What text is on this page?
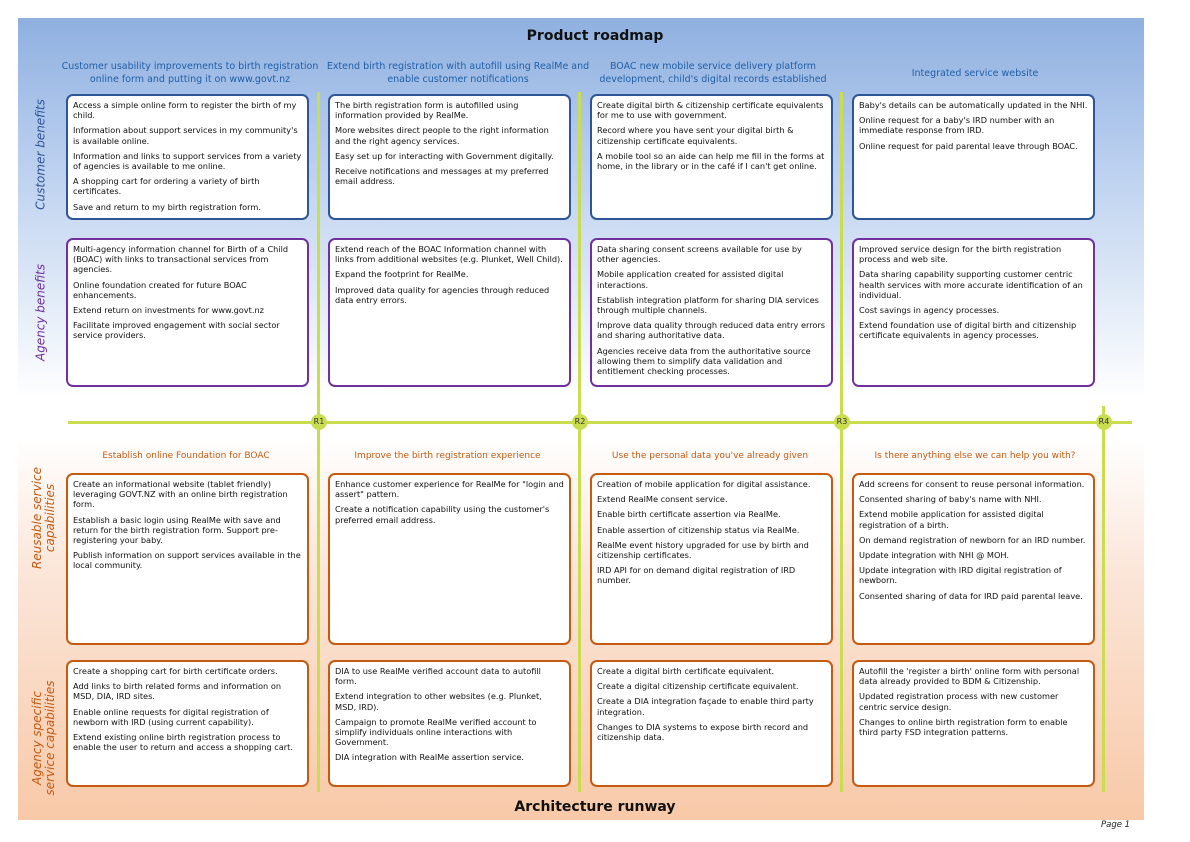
Product roadmap
Customer usability improvements to birth registration online form and putting it on www.govt.nz
Extend birth registration with autofill using RealMe and enable customer notifications
BOAC new mobile service delivery platform development, child's digital records established
Integrated service website
Customer benefits
Agency benefits
Reusable service
capabilities
Agency specific
service capabilities

Access a simple online form to register the birth of my child.

Information about support services in my community's is available online.

Information and links to support services from a variety of agencies is available to me online.

A shopping cart for ordering a variety of birth certificates.

Save and return to my birth registration form.

The birth registration form is autofilled using information provided by RealMe.

More websites direct people to the right information and the right agency services.

Easy set up for interacting with Government digitally.

Receive notifications and messages at my preferred email address.

Create digital birth & citizenship certificate equivalents for me to use with government.

Record where you have sent your digital birth & citizenship certificate equivalents.

A mobile tool so an aide can help me fill in the forms at home, in the library or in the café if I can't get online.

Baby's details can be automatically updated in the NHI.

Online request for a baby's IRD number with an immediate response from IRD.

Online request for paid parental leave through BOAC.

Multi-agency information channel for Birth of a Child (BOAC) with links to transactional services from agencies.

Online foundation created for future BOAC enhancements.

Extend return on investments for www.govt.nz

Facilitate improved engagement with social sector service providers.

Extend reach of the BOAC Information channel with links from additional websites (e.g. Plunket, Well Child).

Expand the footprint for RealMe.

Improved data quality for agencies through reduced data entry errors.

Data sharing consent screens available for use by other agencies.

Mobile application created for assisted digital interactions.

Establish integration platform for sharing DIA services through multiple channels.

Improve data quality through reduced data entry errors and sharing authoritative data.

Agencies receive data from the authoritative source allowing them to simplify data validation and entitlement checking processes.

Improved service design for the birth registration process and web site.

Data sharing capability supporting customer centric health services with more accurate identification of an individual.

Cost savings in agency processes.

Extend foundation use of digital birth and citizenship certificate equivalents in agency processes.

Create an informational website (tablet friendly) leveraging GOVT.NZ with an online birth registration form.

Establish a basic login using RealMe with save and return for the birth registration form. Support pre-registering your baby.

Publish information on support services available in the local community.

Enhance customer experience for RealMe for "login and assert" pattern.

Create a notification capability using the customer's preferred email address.

Creation of mobile application for digital assistance.

Extend RealMe consent service.

Enable birth certificate assertion via RealMe.

Enable assertion of citizenship status via RealMe.

RealMe event history upgraded for use by birth and citizenship certificates.

IRD API for on demand digital registration of IRD number.

Add screens for consent to reuse personal information.

Consented sharing of baby's name with NHI.

Extend mobile application for assisted digital registration of a birth.

On demand registration of newborn for an IRD number.

Update integration with NHI @ MOH.

Update integration with IRD digital registration of newborn.

Consented sharing of data for IRD paid parental leave.

Create a shopping cart for birth certificate orders.

Add links to birth related forms and information on MSD, DIA, IRD sites.

Enable online requests for digital registration of newborn with IRD (using current capability).

Extend existing online birth registration process to enable the user to return and access a shopping cart.

DIA to use RealMe verified account data to autofill form.

Extend integration to other websites (e.g. Plunket, MSD, IRD).

Campaign to promote RealMe verified account to simplify individuals online interactions with Government.

DIA integration with RealMe assertion service.

Create a digital birth certificate equivalent.

Create a digital citizenship certificate equivalent.

Create a DIA integration façade to enable third party integration.

Changes to DIA systems to expose birth record and citizenship data.

Autofill the 'register a birth' online form with personal data already provided to BDM & Citizenship.

Updated registration process with new customer centric service design.

Changes to online birth registration form to enable third party FSD integration patterns.

R1	R2	R3	R4
Establish online Foundation for BOAC	Improve the birth registration experience	Use the personal data you've already given	Is there anything else we can help you with?
Architecture runway
Page 1
